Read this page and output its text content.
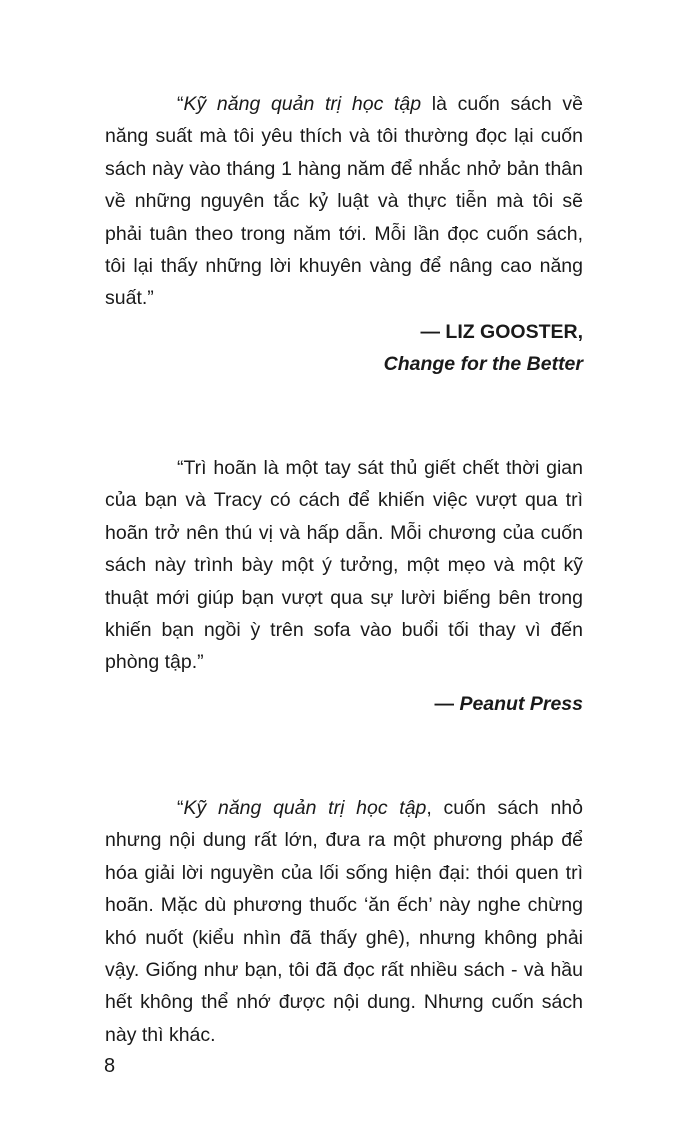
“Kỹ năng quản trị học tập là cuốn sách về năng suất mà tôi yêu thích và tôi thường đọc lại cuốn sách này vào tháng 1 hàng năm để nhắc nhở bản thân về những nguyên tắc kỷ luật và thực tiễn mà tôi sẽ phải tuân theo trong năm tới. Mỗi lần đọc cuốn sách, tôi lại thấy những lời khuyên vàng để nâng cao năng suất.”

— LIZ GOOSTER,
Change for the Better

“Trì hoãn là một tay sát thủ giết chết thời gian của bạn và Tracy có cách để khiến việc vượt qua trì hoãn trở nên thú vị và hấp dẫn. Mỗi chương của cuốn sách này trình bày một ý tưởng, một mẹo và một kỹ thuật mới giúp bạn vượt qua sự lười biếng bên trong khiến bạn ngồi ỳ trên sofa vào buổi tối thay vì đến phòng tập.”

— Peanut Press

“Kỹ năng quản trị học tập, cuốn sách nhỏ nhưng nội dung rất lớn, đưa ra một phương pháp để hóa giải lời nguyền của lối sống hiện đại: thói quen trì hoãn. Mặc dù phương thuốc ‘ăn ếch’ này nghe chừng khó nuốt (kiểu nhìn đã thấy ghê), nhưng không phải vậy. Giống như bạn, tôi đã đọc rất nhiều sách - và hầu hết không thể nhớ được nội dung. Nhưng cuốn sách này thì khác.

8
